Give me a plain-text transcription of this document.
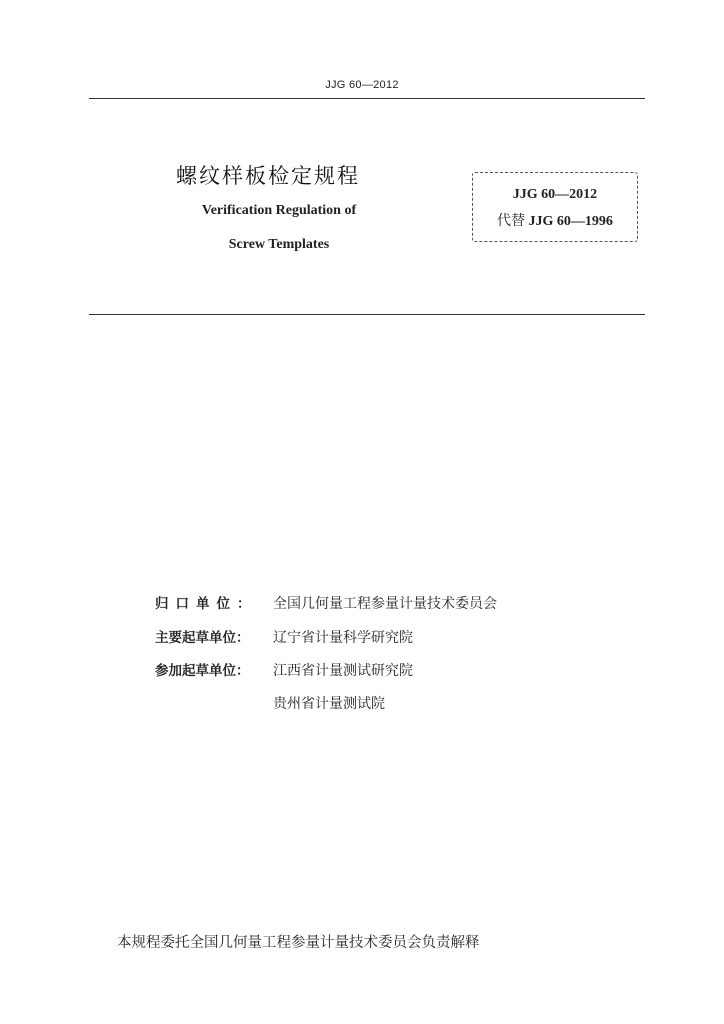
JJG 60—2012
螺纹样板检定规程
Verification Regulation of
Screw Templates
JJG 60—2012
代替 JJG 60—1996
归口单位： 全国几何量工程参量计量技术委员会
主要起草单位： 辽宁省计量科学研究院
参加起草单位： 江西省计量测试研究院
贵州省计量测试院
本规程委托全国几何量工程参量计量技术委员会负责解释
